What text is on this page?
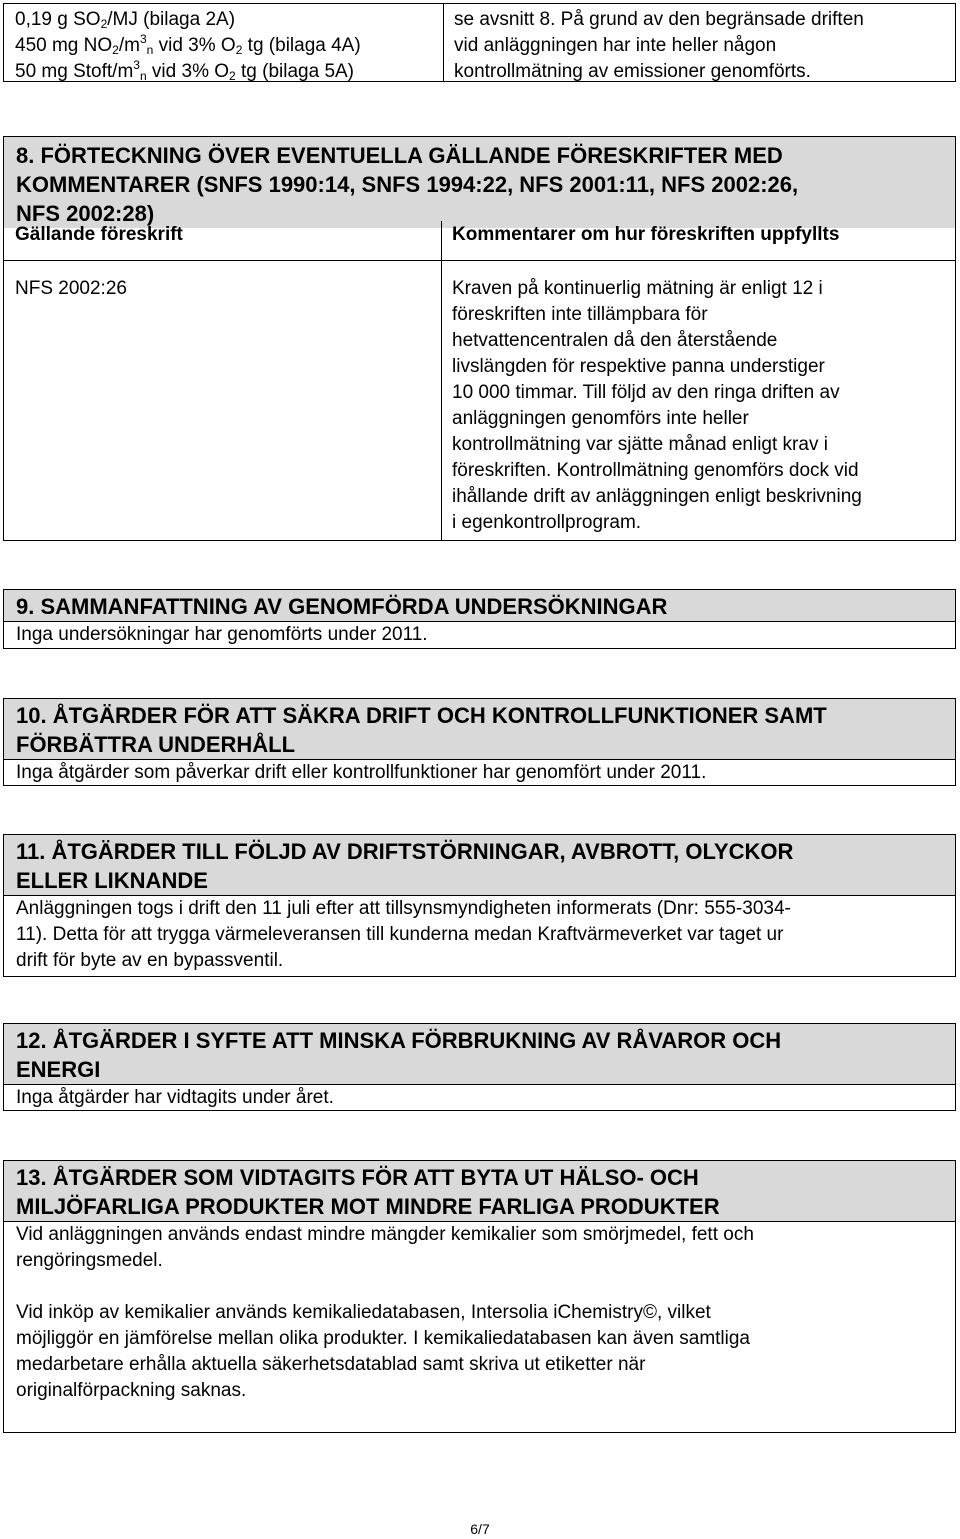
0,19 g $SO_2/MJ$ (bilaga 2A)
450 mg $NO_2/m^3_n$ vid 3% $O_2$ tg (bilaga 4A)
50 mg Stoft/$m^3_n$ vid 3% $O_2$ tg (bilaga 5A)
se avsnitt 8. På grund av den begränsade driften
vid anläggningen har inte heller någon
kontrollmätning av emissioner genomförts.
8. FÖRTECKNING ÖVER EVENTUELLA GÄLLANDE FÖRESKRIFTER MED
KOMMENTARER (SNFS 1990:14, SNFS 1994:22, NFS 2001:11, NFS 2002:26,
NFS 2002:28)
Gällande föreskrift	Kommentarer om hur föreskriften uppfyllts
NFS 2002:26	Kraven på kontinuerlig mätning är enligt 12 i
föreskriften inte tillämpbara för
hetvattencentralen då den återstående
livslängden för respektive panna understiger
10 000 timmar. Till följd av den ringa driften av
anläggningen genomförs inte heller
kontrollmätning var sjätte månad enligt krav i
föreskriften. Kontrollmätning genomförs dock vid
ihållande drift av anläggningen enligt beskrivning
i egenkontrollprogram.
9. SAMMANFATTNING AV GENOMFÖRDA UNDERSÖKNINGAR
Inga undersökningar har genomförts under 2011.
10. ÅTGÄRDER FÖR ATT SÄKRA DRIFT OCH KONTROLLFUNKTIONER SAMT
FÖRBÄTTRA UNDERHÅLL
Inga åtgärder som påverkar drift eller kontrollfunktioner har genomfört under 2011.
11. ÅTGÄRDER TILL FÖLJD AV DRIFTSTÖRNINGAR, AVBROTT, OLYCKOR
ELLER LIKNANDE
Anläggningen togs i drift den 11 juli efter att tillsynsmyndigheten informerats (Dnr: 555-3034-
11). Detta för att trygga värmeleveransen till kunderna medan Kraftvärmeverket var taget ur
drift för byte av en bypassventil.
12. ÅTGÄRDER I SYFTE ATT MINSKA FÖRBRUKNING AV RÅVAROR OCH
ENERGI
Inga åtgärder har vidtagits under året.
13. ÅTGÄRDER SOM VIDTAGITS FÖR ATT BYTA UT HÄLSO- OCH
MILJÖFARLIGA PRODUKTER MOT MINDRE FARLIGA PRODUKTER
Vid anläggningen används endast mindre mängder kemikalier som smörjmedel, fett och
rengöringsmedel.
Vid inköp av kemikalier används kemikaliedatabasen, Intersolia iChemistry©, vilket
möjliggör en jämförelse mellan olika produkter. I kemikaliedatabasen kan även samtliga
medarbetare erhålla aktuella säkerhetsdatablad samt skriva ut etiketter när
originalförpackning saknas.
6/7
